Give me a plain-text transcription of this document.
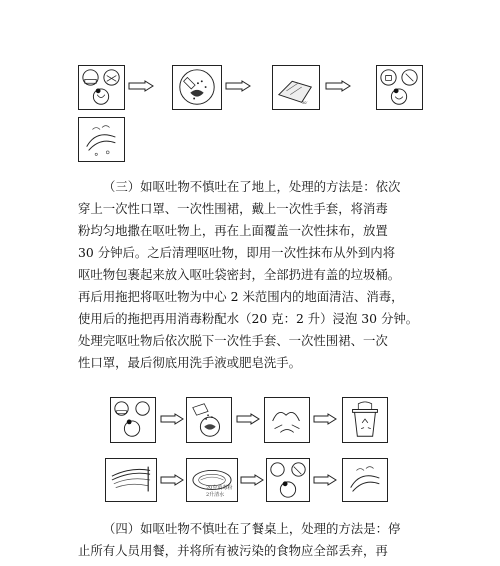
30′
（三）如呕吐物不慎吐在了地上，处理的方法是：依次
穿上一次性口罩、一次性围裙，戴上一次性手套，将消毒
粉均匀地撒在呕吐物上，再在上面覆盖一次性抹布，放置
30 分钟后。之后清理呕吐物，即用一次性抹布从外到内将
呕吐物包裹起来放入呕吐袋密封，全部扔进有盖的垃圾桶。
再后用拖把将呕吐物为中心 2 米范围内的地面清洁、消毒，
使用后的拖把再用消毒粉配水（20 克：2 升）浸泡 30 分钟。
处理完呕吐物后依次脱下一次性手套、一次性围裙、一次
性口罩，最后彻底用洗手液或肥皂洗手。
20克消毒粉
2升清水
（四）如呕吐物不慎吐在了餐桌上，处理的方法是：停
止所有人员用餐，并将所有被污染的食物应全部丢弃，再
